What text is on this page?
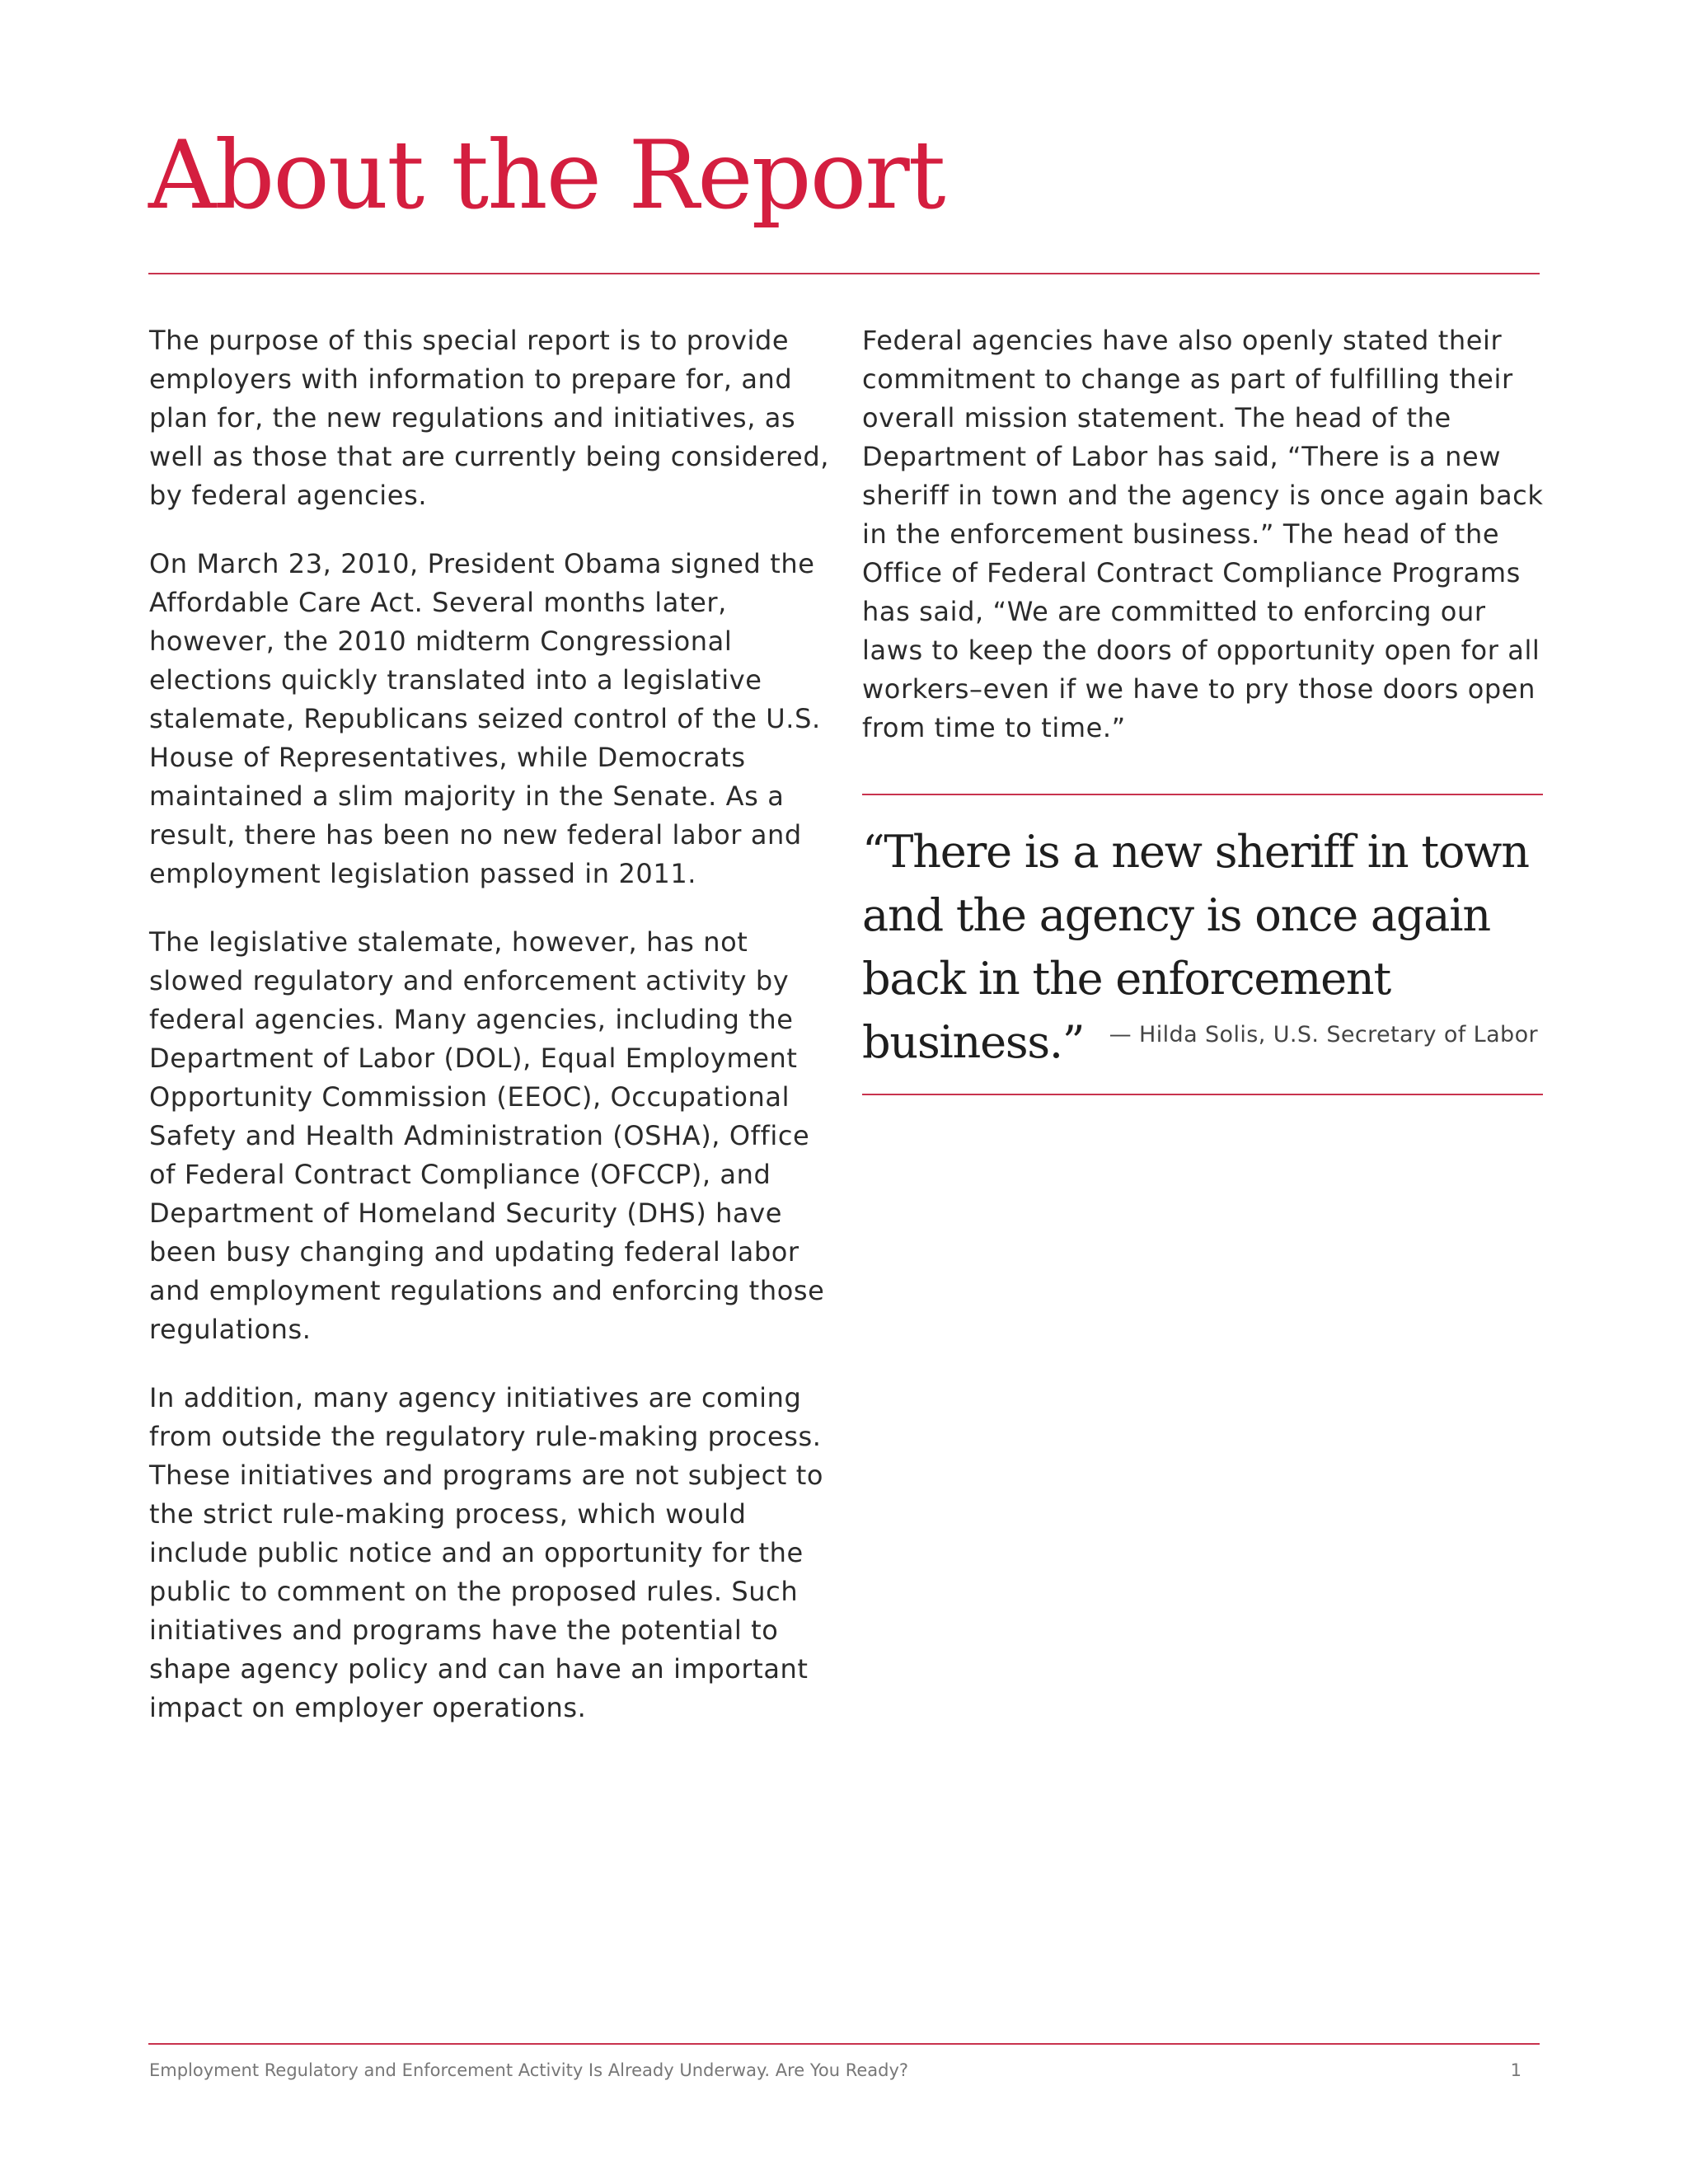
About the Report

The purpose of this special report is to provide employers with information to prepare for, and plan for, the new regulations and initiatives, as well as those that are currently being considered, by federal agencies.

On March 23, 2010, President Obama signed the Affordable Care Act. Several months later, however, the 2010 midterm Congressional elections quickly translated into a legislative stalemate, Republicans seized control of the U.S. House of Representatives, while Democrats maintained a slim majority in the Senate. As a result, there has been no new federal labor and employment legislation passed in 2011.

The legislative stalemate, however, has not slowed regulatory and enforcement activity by federal agencies. Many agencies, including the Department of Labor (DOL), Equal Employment Opportunity Commission (EEOC), Occupational Safety and Health Administration (OSHA), Office of Federal Contract Compliance (OFCCP), and Department of Homeland Security (DHS) have been busy changing and updating federal labor and employment regulations and enforcing those regulations.

In addition, many agency initiatives are coming from outside the regulatory rule-making process. These initiatives and programs are not subject to the strict rule-making process, which would include public notice and an opportunity for the public to comment on the proposed rules. Such initiatives and programs have the potential to shape agency policy and can have an important impact on employer operations.

Federal agencies have also openly stated their commitment to change as part of fulfilling their overall mission statement. The head of the Department of Labor has said, “There is a new sheriff in town and the agency is once again back in the enforcement business.” The head of the Office of Federal Contract Compliance Programs has said, “We are committed to enforcing our laws to keep the doors of opportunity open for all workers–even if we have to pry those doors open from time to time.”

“There is a new sheriff in town and the agency is once again back in the enforcement business.”	— Hilda Solis, U.S. Secretary of Labor
Employment Regulatory and Enforcement Activity Is Already Underway. Are You Ready?	1
